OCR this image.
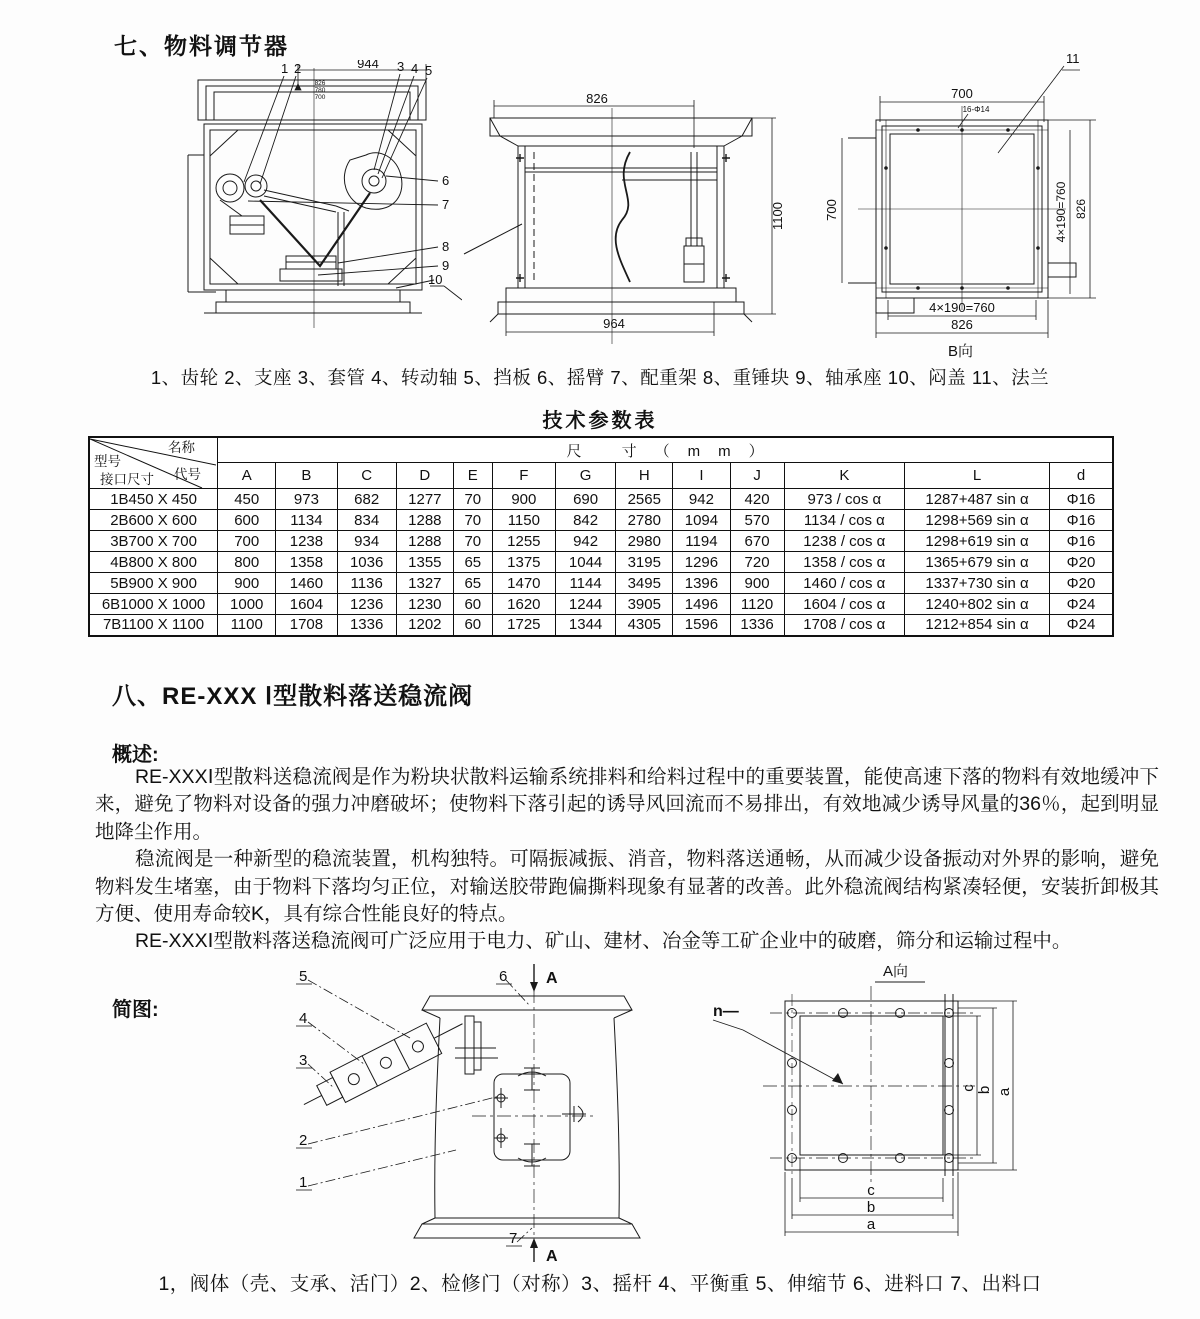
七、物料调节器
944
826
780
700
1 2	3 4 5
6
7
8
9
10
826
1100
964
700
16-Φ14
700	4×190=760 826
4×190=760
826
11
B向
1、齿轮 2、支座 3、套管 4、转动轴 5、挡板 6、摇臂 7、配重架 8、重锤块 9、轴承座 10、闷盖 11、法兰
技术参数表
名称
代号
型号
接口尺寸	尺 寸（mm）												
	A	B	C	D	E	F	G	H	I	J	K	L	d
1B450 X 450	450	973	682	1277	70	900	690	2565	942	420	973 / cos α	1287+487 sin α	Φ16
2B600 X 600	600	1134	834	1288	70	1150	842	2780	1094	570	1134 / cos α	1298+569 sin α	Φ16
3B700 X 700	700	1238	934	1288	70	1255	942	2980	1194	670	1238 / cos α	1298+619 sin α	Φ16
4B800 X 800	800	1358	1036	1355	65	1375	1044	3195	1296	720	1358 / cos α	1365+679 sin α	Φ20
5B900 X 900	900	1460	1136	1327	65	1470	1144	3495	1396	900	1460 / cos α	1337+730 sin α	Φ20
6B1000 X 1000	1000	1604	1236	1230	60	1620	1244	3905	1496	1120	1604 / cos α	1240+802 sin α	Φ24
7B1100 X 1100	1100	1708	1336	1202	60	1725	1344	4305	1596	1336	1708 / cos α	1212+854 sin α	Φ24
八、RE-XXX Ⅰ型散料落送稳流阀
概述:

RE-XXXⅠ型散料送稳流阀是作为粉块状散料运输系统排料和给料过程中的重要装置，能使高速下落的物料有效地缓冲下来，避免了物料对设备的强力冲磨破坏；使物料下落引起的诱导风回流而不易排出，有效地减少诱导风量的36％，起到明显地降尘作用。

稳流阀是一种新型的稳流装置，机构独特。可隔振减振、消音，物料落送通畅，从而减少设备振动对外界的影响，避免物料发生堵塞，由于物料下落均匀正位，对输送胶带跑偏撕料现象有显著的改善。此外稳流阀结构紧凑轻便，安装折卸极其方便、使用寿命较K，具有综合性能良好的特点。

RE-XXXⅠ型散料落送稳流阀可广泛应用于电力、矿山、建材、冶金等工矿企业中的破磨，筛分和运输过程中。

简图:
5
4
3
2
1
6
7
A
A
A向
n—
c b a
c
b
a
1，阀体（壳、支承、活门）2、检修门（对称）3、摇杆 4、平衡重 5、伸缩节 6、进料口 7、出料口
